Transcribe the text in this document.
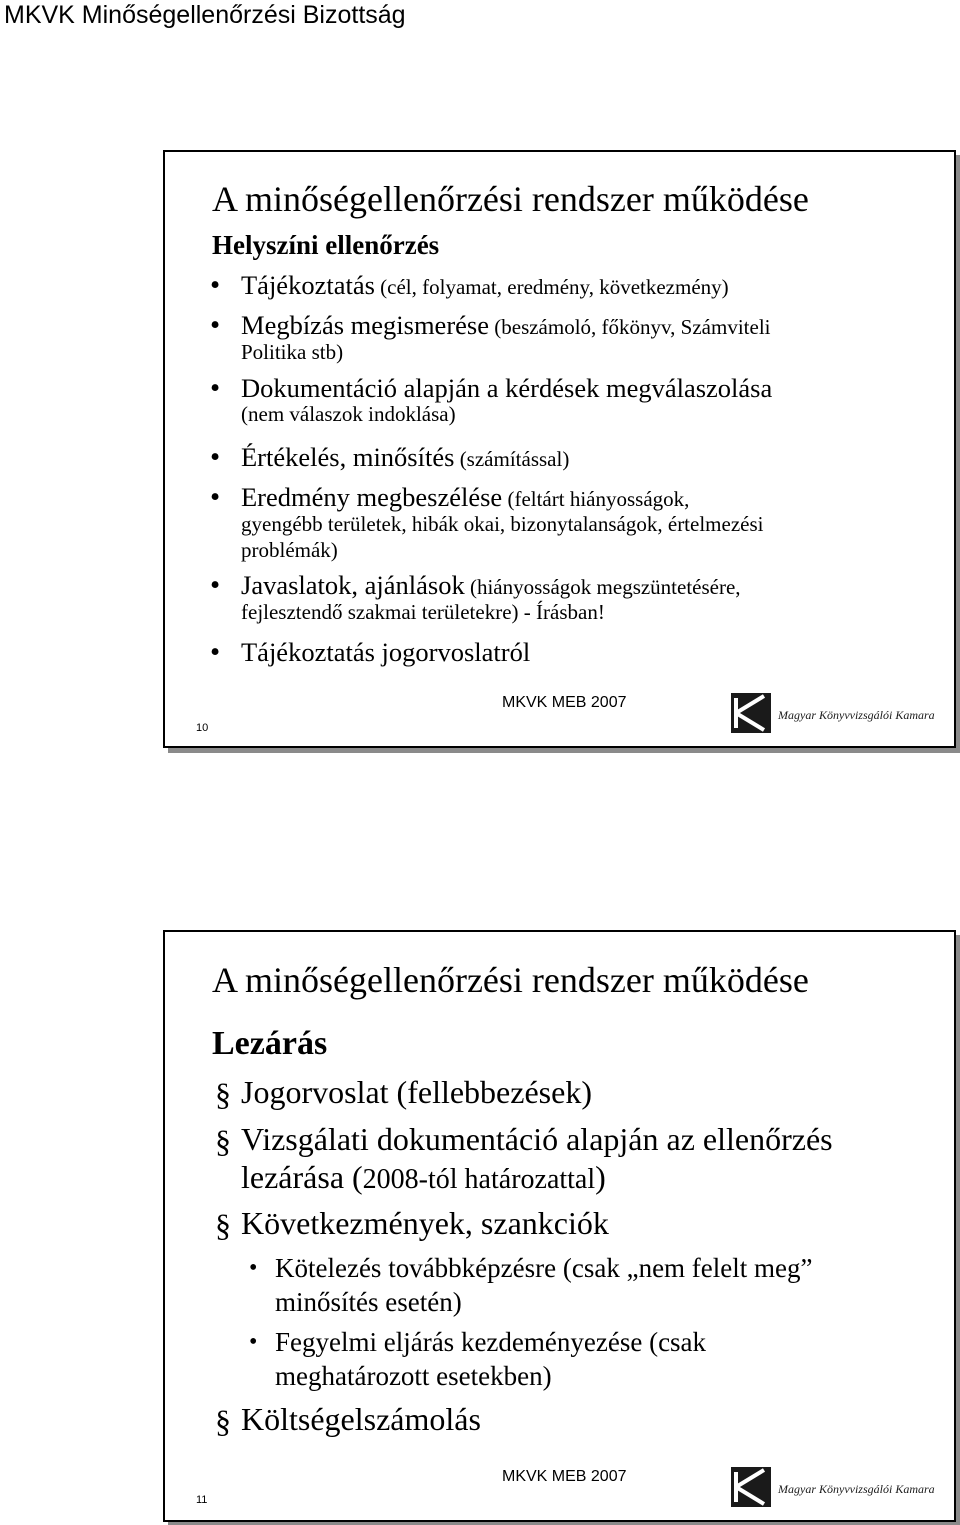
MKVK Minőségellenőrzési Bizottság
A minőségellenőrzési rendszer működése
Helyszíni ellenőrzés
• Tájékoztatás (cél, folyamat, eredmény, következmény)
• Megbízás megismerése (beszámoló, főkönyv, Számviteli
Politika stb)
• Dokumentáció alapján a kérdések megválaszolása
(nem válaszok indoklása)
• Értékelés, minősítés (számítással)
• Eredmény megbeszélése (feltárt hiányosságok,
gyengébb területek, hibák okai, bizonytalanságok, értelmezési
problémák)
• Javaslatok, ajánlások (hiányosságok megszüntetésére,
fejlesztendő szakmai területekre) - Írásban!
• Tájékoztatás jogorvoslatról
MKVK MEB 2007
10
Magyar Könyvvizsgálói Kamara
A minőségellenőrzési rendszer működése
Lezárás
§ Jogorvoslat (fellebbezések)
§ Vizsgálati dokumentáció alapján az ellenőrzés
lezárása (2008-tól határozattal)
§ Következmények, szankciók
• Kötelezés továbbképzésre (csak „nem felelt meg”
minősítés esetén)
• Fegyelmi eljárás kezdeményezése (csak
meghatározott esetekben)
§ Költségelszámolás
MKVK MEB 2007
11
Magyar Könyvvizsgálói Kamara
